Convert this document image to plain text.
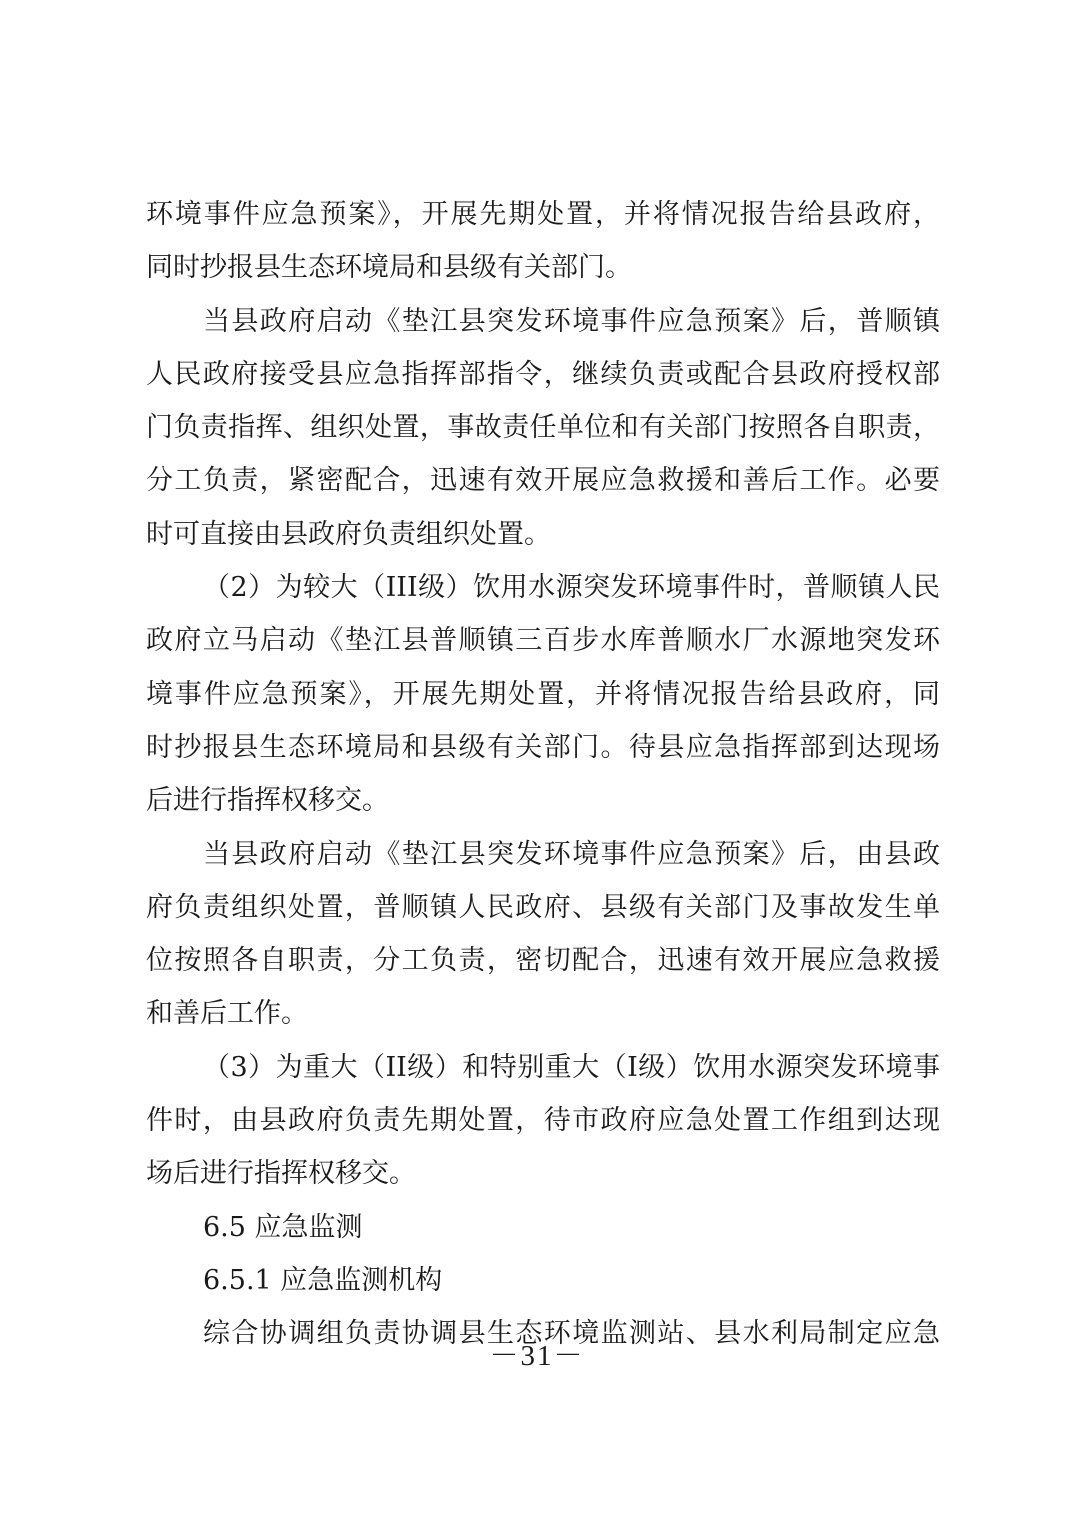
环境事件应急预案》，开展先期处置，并将情况报告给县政府，
同时抄报县生态环境局和县级有关部门。
当县政府启动《垫江县突发环境事件应急预案》后，普顺镇
人民政府接受县应急指挥部指令，继续负责或配合县政府授权部
门负责指挥、组织处置，事故责任单位和有关部门按照各自职责，
分工负责，紧密配合，迅速有效开展应急救援和善后工作。必要
时可直接由县政府负责组织处置。
（2）为较大（III级）饮用水源突发环境事件时，普顺镇人民
政府立马启动《垫江县普顺镇三百步水库普顺水厂水源地突发环
境事件应急预案》，开展先期处置，并将情况报告给县政府，同
时抄报县生态环境局和县级有关部门。待县应急指挥部到达现场
后进行指挥权移交。
当县政府启动《垫江县突发环境事件应急预案》后，由县政
府负责组织处置，普顺镇人民政府、县级有关部门及事故发生单
位按照各自职责，分工负责，密切配合，迅速有效开展应急救援
和善后工作。
（3）为重大（II级）和特别重大（I级）饮用水源突发环境事
件时，由县政府负责先期处置，待市政府应急处置工作组到达现
场后进行指挥权移交。
6.5 应急监测
6.5.1 应急监测机构
综合协调组负责协调县生态环境监测站、县水利局制定应急
－31－
